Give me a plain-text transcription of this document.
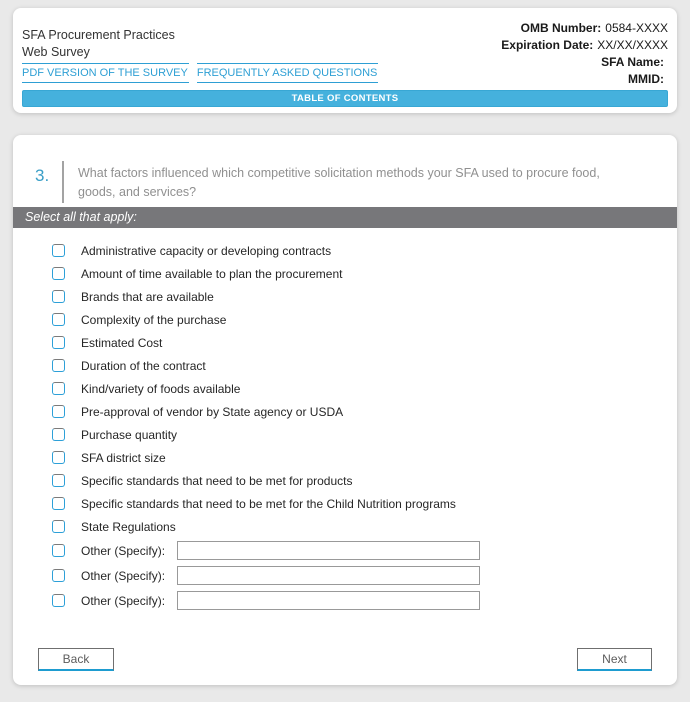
SFA Procurement Practices
Web Survey
PDF VERSION OF THE SURVEY FREQUENTLY ASKED QUESTIONS
OMB Number: 0584-XXXX
Expiration Date: XX/XX/XXXX
SFA Name:
MMID:
TABLE OF CONTENTS
3.	What factors influenced which competitive solicitation methods your SFA used to procure food, goods, and services?
Select all that apply:
Administrative capacity or developing contracts
Amount of time available to plan the procurement
Brands that are available
Complexity of the purchase
Estimated Cost
Duration of the contract
Kind/variety of foods available
Pre-approval of vendor by State agency or USDA
Purchase quantity
SFA district size
Specific standards that need to be met for products
Specific standards that need to be met for the Child Nutrition programs
State Regulations
Other (Specify):
Other (Specify):
Other (Specify):
Back	Next
